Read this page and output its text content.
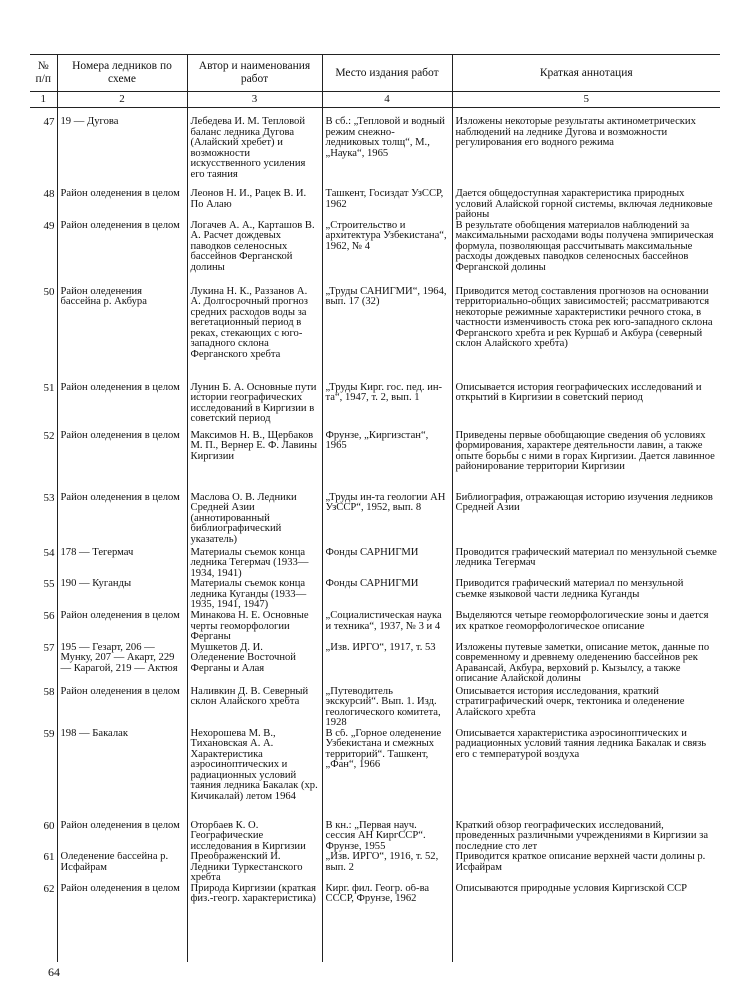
№ п/п	Номера ледников по схеме	Автор и наименования работ	Место издания работ	Краткая аннотация
1	2	3	4	5
47	19 — Дугова	Лебедева И. М. Тепловой баланс ледника Дугова (Алайский хребет) и возможности искусственного усиления его таяния	В сб.: „Тепловой и водный режим снежно-ледниковых толщ“, М., „Наука“, 1965	Изложены некоторые результаты актинометрических наблюдений на леднике Дугова и возможности регулирования его водного режима
48	Район оледенения в целом	Леонов Н. И., Рацек В. И. По Алаю	Ташкент, Госиздат УзССР, 1962	Дается общедоступная характеристика природных условий Алайской горной системы, включая ледниковые районы
49	Район оледенения в целом	Логачев А. А., Карташов В. А. Расчет дождевых паводков селеносных бассейнов Ферганской долины	„Строительство и архитектура Узбекистана“, 1962, № 4	В результате обобщения материалов наблюдений за максимальными расходами воды получена эмпирическая формула, позволяющая рассчитывать максимальные расходы дождевых паводков селеносных бассейнов Ферганской долины
50	Район оледенения бассейна р. Акбура	Лукина Н. К., Раззанов А. А. Долгосрочный прогноз средних расходов воды за вегетационный период в реках, стекающих с юго-западного склона Ферганского хребта	„Труды САНИГМИ“, 1964, вып. 17 (32)	Приводится метод составления прогнозов на основании территориально-общих зависимостей; рассматриваются некоторые режимные характеристики речного стока, в частности изменчивость стока рек юго-западного склона Ферганского хребта и рек Куршаб и Акбура (северный склон Алайского хребта)
51	Район оледенения в целом	Лунин Б. А. Основные пути истории географических исследований в Киргизии в советский период	„Труды Кирг. гос. пед. ин-та“, 1947, т. 2, вып. 1	Описывается история географических исследований и открытий в Киргизии в советский период
52	Район оледенения в целом	Максимов Н. В., Щербаков М. П., Вернер Е. Ф. Лавины Киргизии	Фрунзе, „Киргизстан“, 1965	Приведены первые обобщающие сведения об условиях формирования, характере деятельности лавин, а также опыте борьбы с ними в горах Киргизии. Дается лавинное районирование территории Киргизии
53	Район оледенения в целом	Маслова О. В. Ледники Средней Азии (аннотированный библиографический указатель)	„Труды ин-та геологии АН УзССР“, 1952, вып. 8	Библиография, отражающая историю изучения ледников Средней Азии
54	178 — Тегермач	Материалы съемок конца ледника Тегермач (1933—1934, 1941)	Фонды САРНИГМИ	Проводится графический материал по мензульной съемке ледника Тегермач
55	190 — Куганды	Материалы съемок конца ледника Куганды (1933—1935, 1941, 1947)	Фонды САРНИГМИ	Приводится графический материал по мензульной съемке языковой части ледника Куганды
56	Район оледенения в целом	Минакова Н. Е. Основные черты геоморфологии Ферганы	„Социалистическая наука и техника“, 1937, № 3 и 4	Выделяются четыре геоморфологические зоны и дается их краткое геоморфологическое описание
57	195 — Гезарт, 206 — Мунку, 207 — Акарт, 229 — Карагой, 219 — Актюя	Мушкетов Д. И. Оледенение Восточной Ферганы и Алая	„Изв. ИРГО“, 1917, т. 53	Изложены путевые заметки, описание меток, данные по современному и древнему оледенению бассейнов рек Аравансай, Акбура, верховий р. Кызылсу, а также описание Алайской долины
58	Район оледенения в целом	Наливкин Д. В. Северный склон Алайского хребта	„Путеводитель экскурсий“. Вып. 1. Изд. геологического комитета, 1928	Описывается история исследования, краткий стратиграфический очерк, тектоника и оледенение Алайского хребта
59	198 — Бакалак	Нехорошева М. В., Тихановская А. А. Характеристика аэросиноптических и радиационных условий таяния ледника Бакалак (хр. Кичикалай) летом 1964	В сб. „Горное оледенение Узбекистана и смежных территорий“. Ташкент, „Фан“, 1966	Описывается характеристика аэросиноптических и радиационных условий таяния ледника Бакалак и связь его с температурой воздуха
60	Район оледенения в целом	Оторбаев К. О. Географические исследования в Киргизии	В кн.: „Первая науч. сессия АН КиргССР“. Фрунзе, 1955	Краткий обзор географических исследований, проведенных различными учреждениями в Киргизии за последние сто лет
61	Оледенение бассейна р. Исфайрам	Преображенский И. Ледники Туркестанского хребта	„Изв. ИРГО“, 1916, т. 52, вып. 2	Приводится краткое описание верхней части долины р. Исфайрам
62	Район оледенения в целом	Природа Киргизии (краткая физ.-геогр. характеристика)	Кирг. фил. Геогр. об-ва СССР, Фрунзе, 1962	Описываются природные условия Киргизской ССР
64
